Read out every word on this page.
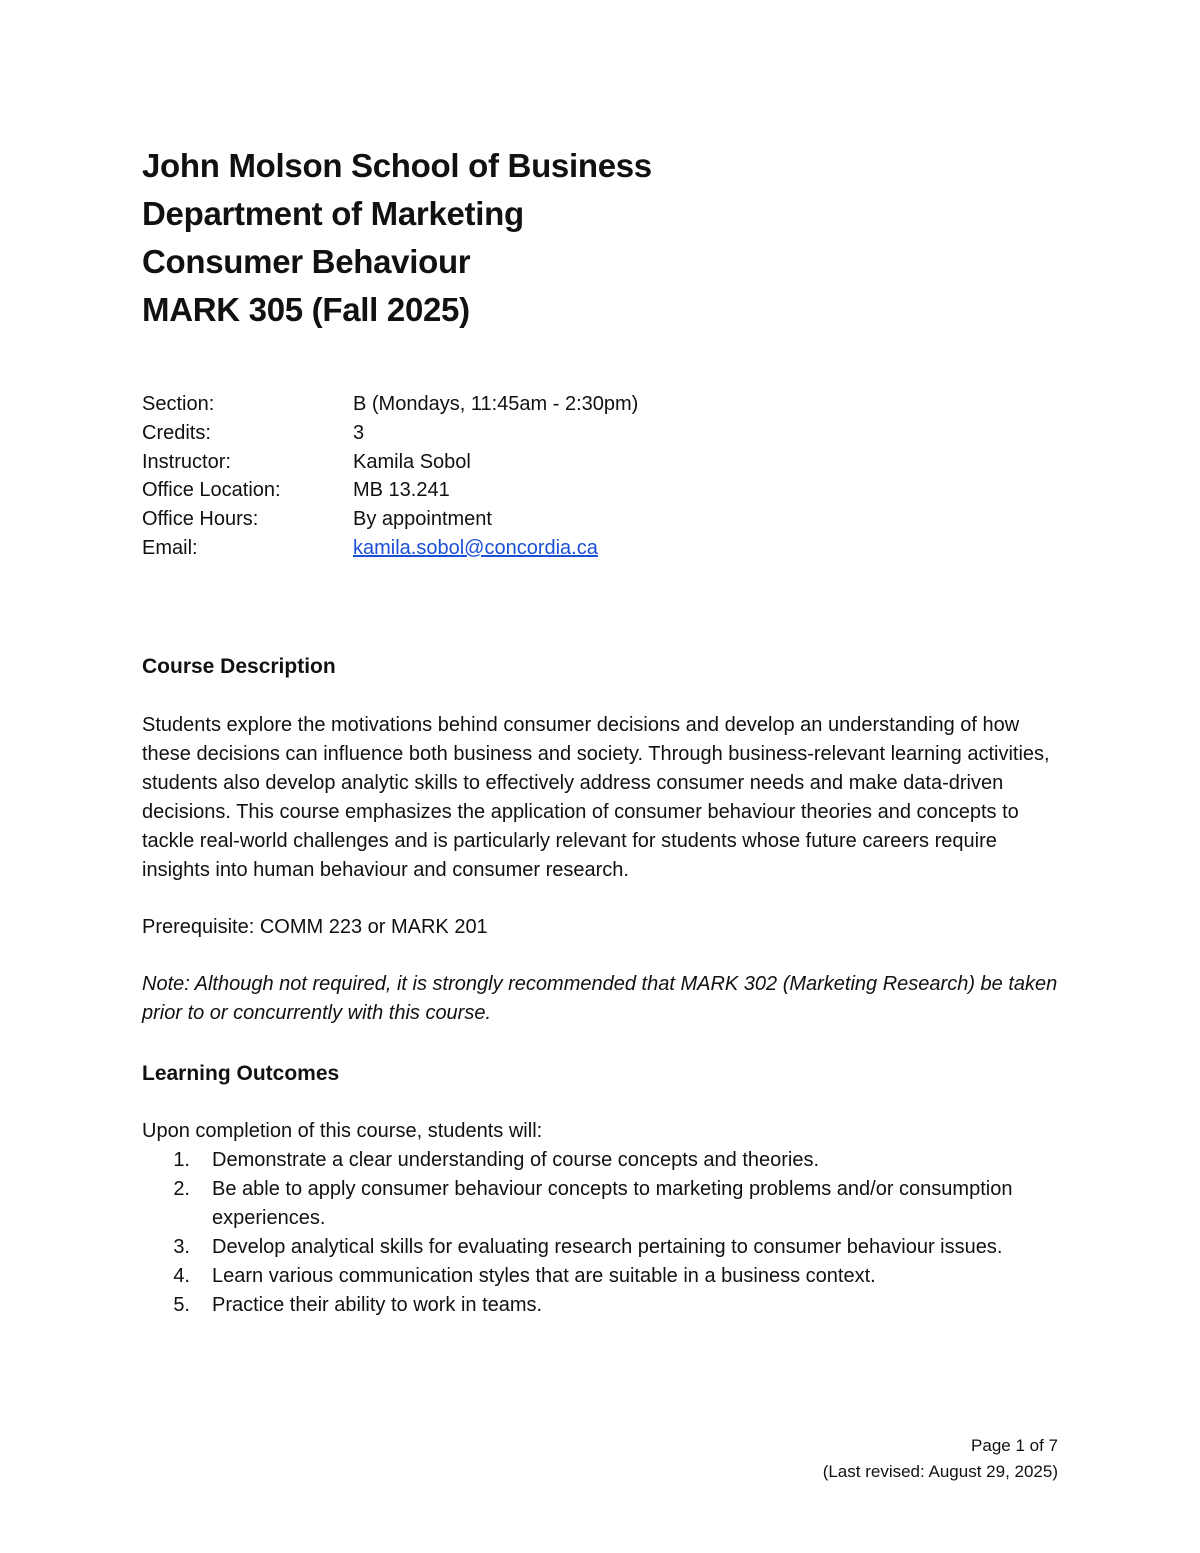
John Molson School of Business
Department of Marketing
Consumer Behaviour
MARK 305 (Fall 2025)
Section:	B (Mondays, 11:45am - 2:30pm)
Credits:	3
Instructor:	Kamila Sobol
Office Location:	MB 13.241
Office Hours:	By appointment
Email:	kamila.sobol@concordia.ca
Course Description

Students explore the motivations behind consumer decisions and develop an understanding of how these decisions can influence both business and society. Through business-relevant learning activities, students also develop analytic skills to effectively address consumer needs and make data-driven decisions. This course emphasizes the application of consumer behaviour theories and concepts to tackle real-world challenges and is particularly relevant for students whose future careers require insights into human behaviour and consumer research.

Prerequisite: COMM 223 or MARK 201

Note: Although not required, it is strongly recommended that MARK 302 (Marketing Research) be taken prior to or concurrently with this course.

Learning Outcomes

Upon completion of this course, students will:

1.	Demonstrate a clear understanding of course concepts and theories.
2.	Be able to apply consumer behaviour concepts to marketing problems and/or consumption experiences.
3.	Develop analytical skills for evaluating research pertaining to consumer behaviour issues.
4.	Learn various communication styles that are suitable in a business context.
5.	Practice their ability to work in teams.
Page 1 of 7
(Last revised: August 29, 2025)
